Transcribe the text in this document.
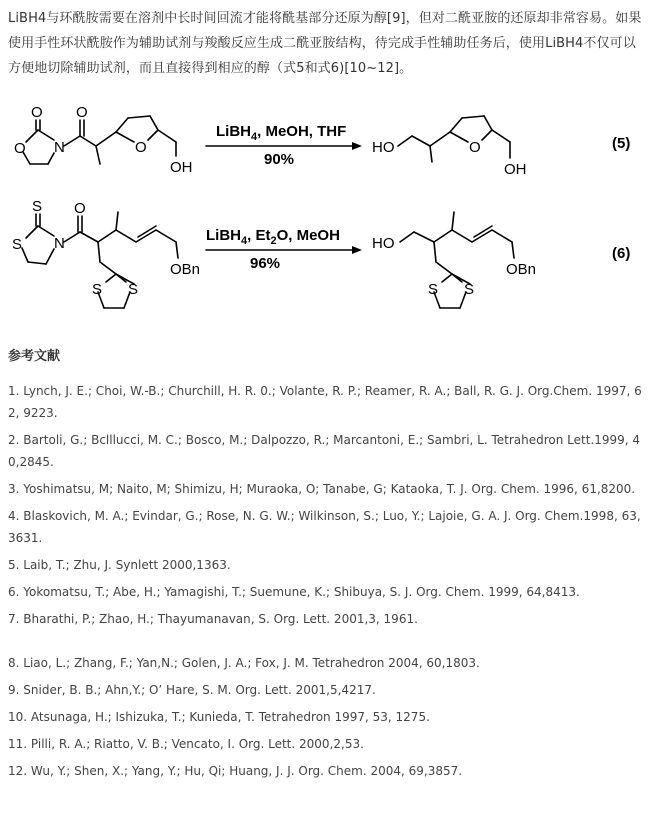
LiBH4与环酰胺需要在溶剂中长时间回流才能将酰基部分还原为醇[9]，但对二酰亚胺的还原却非常容易。如果使用手性环状酰胺作为辅助试剂与羧酸反应生成二酰亚胺结构，待完成手性辅助任务后，使用LiBH4不仅可以方便地切除辅助试剂，而且直接得到相应的醇（式5和式6)[10~12]。

O
O N
O
O
OH
LiBH$_4$, MeOH, THF
90%
HO	O
OH
(5)
S
S N
O
OBn
S S
LiBH$_4$, $Et_2O$, MeOH
96%
HO
OBn
S S
(6)
参考文献
1. Lynch, J. E.; Choi, W.-B.; Churchill, H. R. 0.; Volante, R. P.; Reamer, R. A.; Ball, R. G. J. Org.Chem. 1997, 62, 9223.
2. Bartoli, G.; Bclllucci, M. C.; Bosco, M.; Dalpozzo, R.; Marcantoni, E.; Sambri, L. Tetrahedron Lett.1999, 40,2845.
3. Yoshimatsu, M; Naito, M; Shimizu, H; Muraoka, O; Tanabe, G; Kataoka, T. J. Org. Chem. 1996, 61,8200.
4. Blaskovich, M. A.; Evindar, G.; Rose, N. G. W.; Wilkinson, S.; Luo, Y.; Lajoie, G. A. J. Org. Chem.1998, 63,3631.
5. Laib, T.; Zhu, J. Synlett 2000,1363.
6. Yokomatsu, T.; Abe, H.; Yamagishi, T.; Suemune, K.; Shibuya, S. J. Org. Chem. 1999, 64,8413.
7. Bharathi, P.; Zhao, H.; Thayumanavan, S. Org. Lett. 2001,3, 1961.
8. Liao, L.; Zhang, F.; Yan,N.; Golen, J. A.; Fox, J. M. Tetrahedron 2004, 60,1803.
9. Snider, B. B.; Ahn,Y.; O’ Hare, S. M. Org. Lett. 2001,5,4217.
10. Atsunaga, H.; Ishizuka, T.; Kunieda, T. Tetrahedron 1997, 53, 1275.
11. Pilli, R. A.; Riatto, V. B.; Vencato, I. Org. Lett. 2000,2,53.
12. Wu, Y.; Shen, X.; Yang, Y.; Hu, Qi; Huang, J. J. Org. Chem. 2004, 69,3857.
